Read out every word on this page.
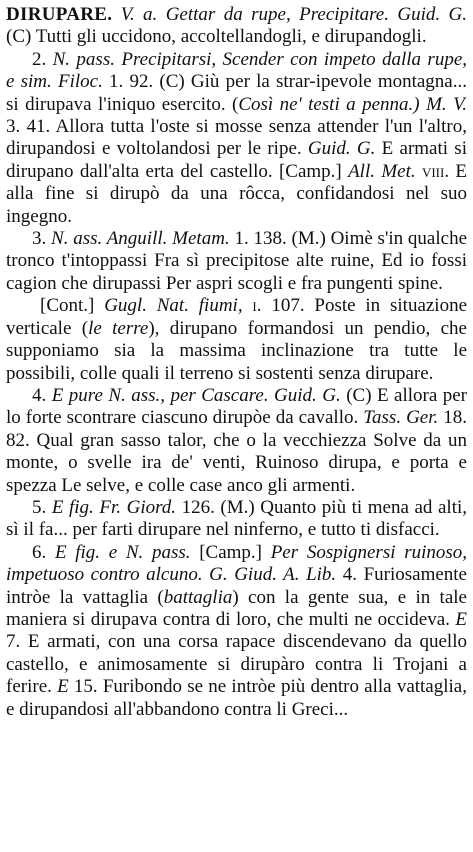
DIRUPARE. V. a. Gettar da rupe, Precipitare. Guid. G. (C) Tutti gli uccidono, accoltellandogli, e dirupandogli.

2. N. pass. Precipitarsi, Scender con impeto dalla rupe, e sim. Filoc. 1. 92. (C) Giù per la strar-ipevole montagna... si dirupava l'iniquo esercito. (Così ne' testi a penna.) M. V. 3. 41. Allora tutta l'oste si mosse senza attender l'un l'altro, dirupandosi e voltolandosi per le ripe. Guid. G. E armati si dirupano dall'alta erta del castello. [Camp.] All. Met. viii. E alla fine si dirupò da una rôcca, confidandosi nel suo ingegno.

3. N. ass. Anguill. Metam. 1. 138. (M.) Oimè s'in qualche tronco t'intoppassi Fra sì precipitose alte ruine, Ed io fossi cagion che dirupassi Per aspri scogli e fra pungenti spine.

[Cont.] Gugl. Nat. fiumi, i. 107. Poste in situazione verticale (le terre), dirupano formandosi un pendio, che supponiamo sia la massima inclinazione tra tutte le possibili, colle quali il terreno si sostenti senza dirupare.

4. E pure N. ass., per Cascare. Guid. G. (C) E allora per lo forte scontrare ciascuno dirupòe da cavallo. Tass. Ger. 18. 82. Qual gran sasso talor, che o la vecchiezza Solve da un monte, o svelle ira de' venti, Ruinoso dirupa, e porta e spezza Le selve, e colle case anco gli armenti.

5. E fig. Fr. Giord. 126. (M.) Quanto più ti mena ad alti, sì il fa... per farti dirupare nel ninferno, e tutto ti disfacci.

6. E fig. e N. pass. [Camp.] Per Sospignersi ruinoso, impetuoso contro alcuno. G. Giud. A. Lib. 4. Furiosamente intròe la vattaglia (battaglia) con la gente sua, e in tale maniera si dirupava contra di loro, che multi ne occideva. E 7. E armati, con una corsa rapace discendevano da quello castello, e animosamente si dirupàro contra li Trojani a ferire. E 15. Furibondo se ne intròe più dentro alla vattaglia, e dirupandosi all'abbandono contra li Greci...
